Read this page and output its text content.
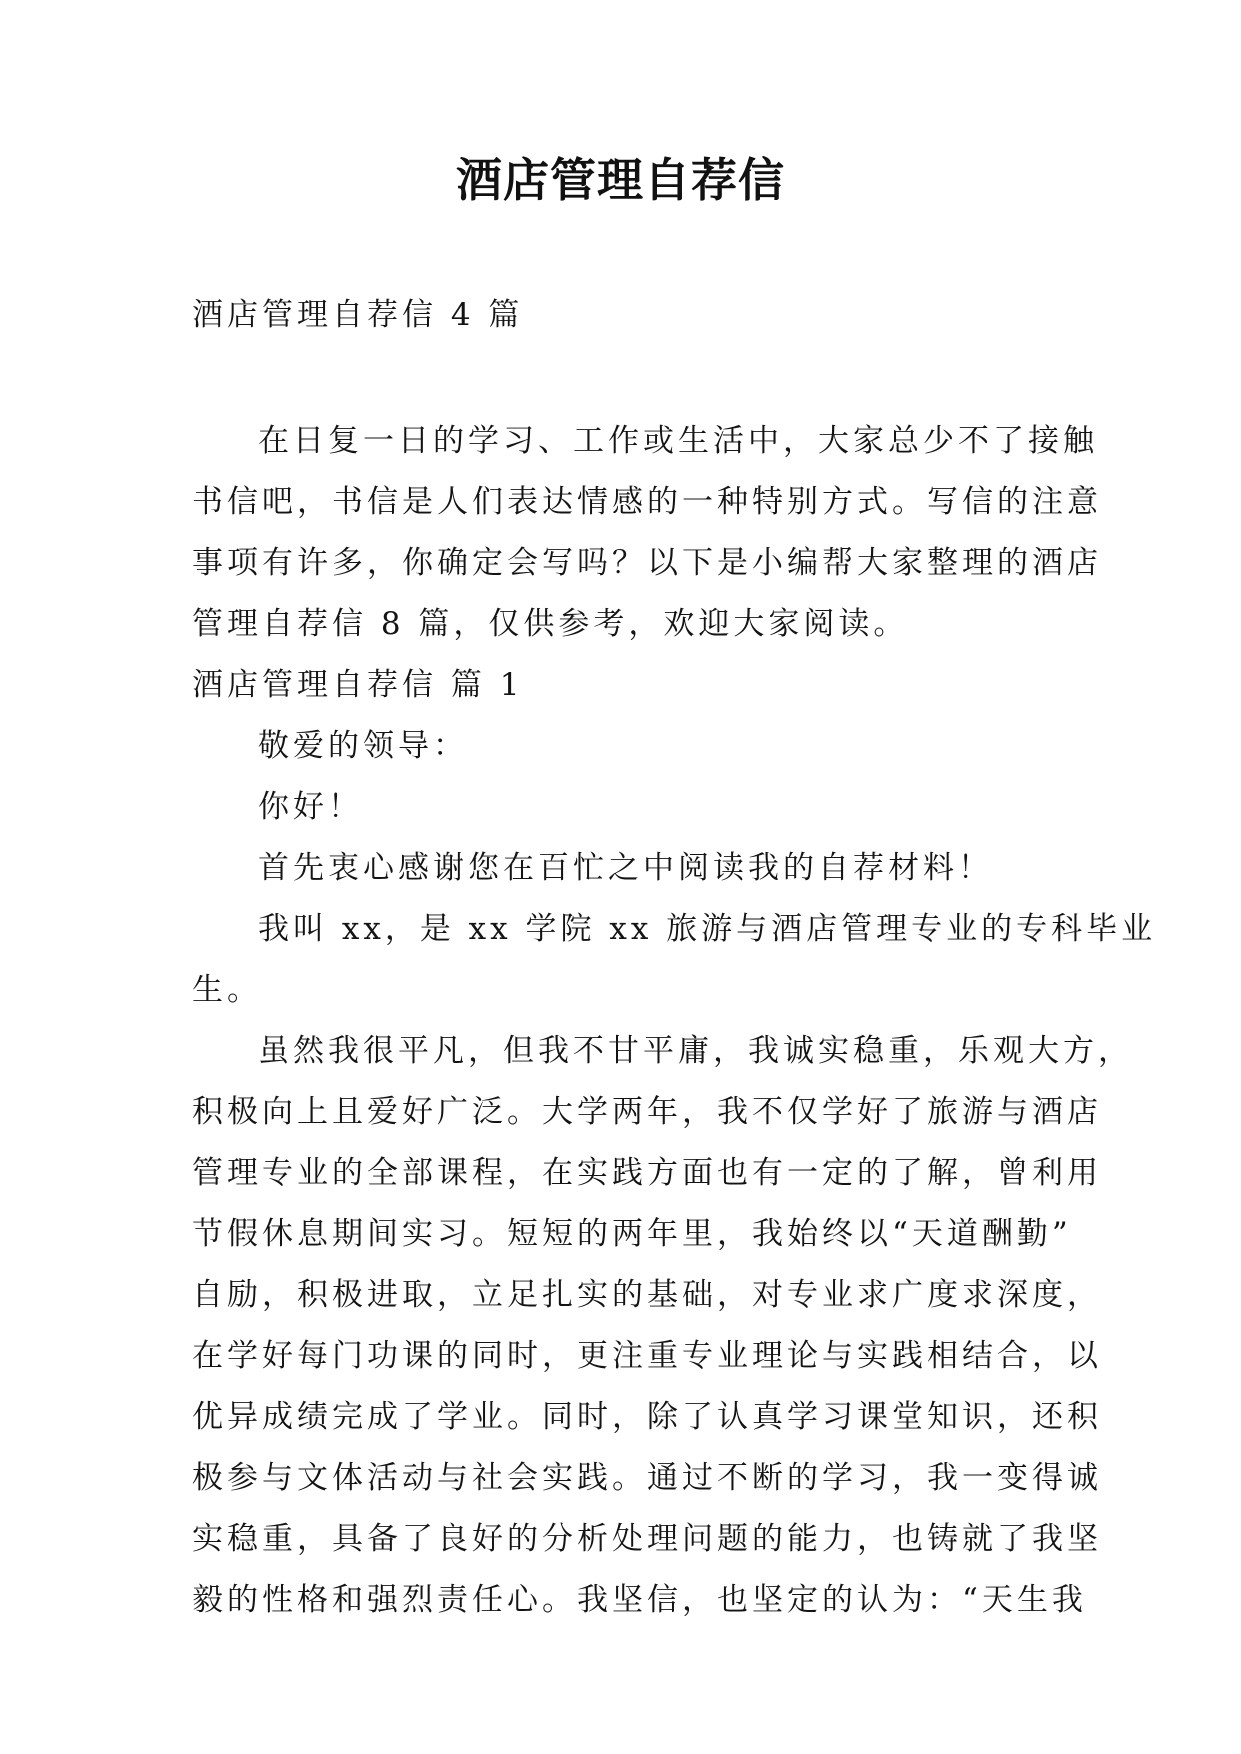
酒店管理自荐信

酒店管理自荐信 4 篇

在日复一日的学习、工作或生活中，大家总少不了接触

书信吧，书信是人们表达情感的一种特别方式。写信的注意

事项有许多，你确定会写吗？以下是小编帮大家整理的酒店

管理自荐信 8 篇，仅供参考，欢迎大家阅读。

酒店管理自荐信 篇 1

敬爱的领导：

你好！

首先衷心感谢您在百忙之中阅读我的自荐材料！

我叫 xx，是 xx 学院 xx 旅游与酒店管理专业的专科毕业

生。

虽然我很平凡，但我不甘平庸，我诚实稳重，乐观大方，

积极向上且爱好广泛。大学两年，我不仅学好了旅游与酒店

管理专业的全部课程，在实践方面也有一定的了解，曾利用

节假休息期间实习。短短的两年里，我始终以“天道酬勤”

自励，积极进取，立足扎实的基础，对专业求广度求深度，

在学好每门功课的同时，更注重专业理论与实践相结合，以

优异成绩完成了学业。同时，除了认真学习课堂知识，还积

极参与文体活动与社会实践。通过不断的学习，我一变得诚

实稳重，具备了良好的分析处理问题的能力，也铸就了我坚

毅的性格和强烈责任心。我坚信，也坚定的认为：“天生我
